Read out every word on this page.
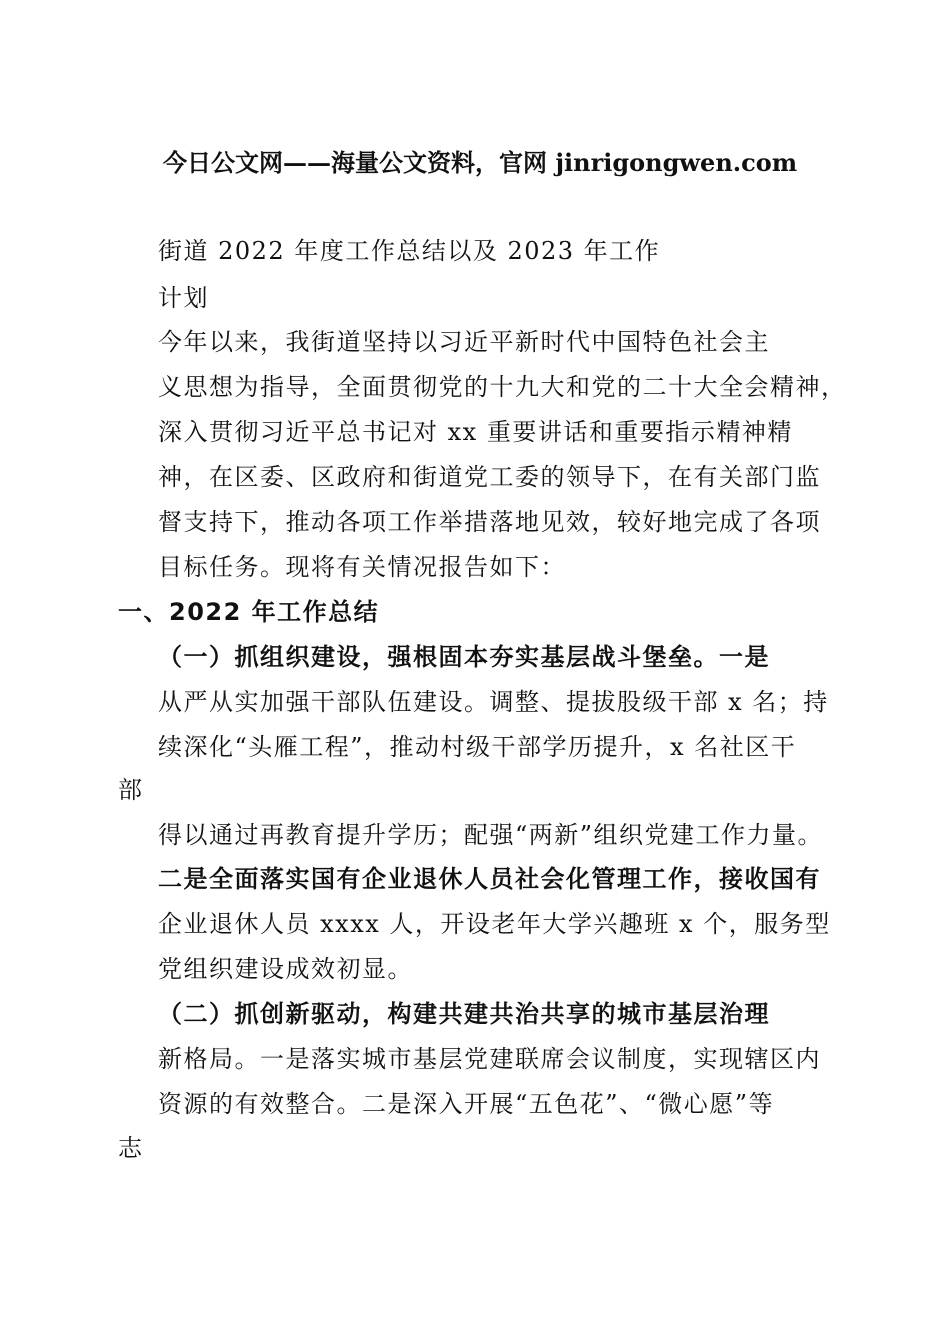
今日公文网——海量公文资料，官网 jinrigongwen.com
街道 2022 年度工作总结以及 2023 年工作
计划
今年以来，我街道坚持以习近平新时代中国特色社会主
义思想为指导，全面贯彻党的十九大和党的二十大全会精神，
深入贯彻习近平总书记对 xx 重要讲话和重要指示精神精
神，在区委、区政府和街道党工委的领导下，在有关部门监
督支持下，推动各项工作举措落地见效，较好地完成了各项
目标任务。现将有关情况报告如下：
一、2022 年工作总结
（一）抓组织建设，强根固本夯实基层战斗堡垒。一是
从严从实加强干部队伍建设。调整、提拔股级干部 x 名；持
续深化“头雁工程”，推动村级干部学历提升，x 名社区干
部
得以通过再教育提升学历；配强“两新”组织党建工作力量。
二是全面落实国有企业退休人员社会化管理工作，接收国有
企业退休人员 xxxx 人，开设老年大学兴趣班 x 个，服务型
党组织建设成效初显。
（二）抓创新驱动，构建共建共治共享的城市基层治理
新格局。一是落实城市基层党建联席会议制度，实现辖区内
资源的有效整合。二是深入开展“五色花”、“微心愿”等
志
